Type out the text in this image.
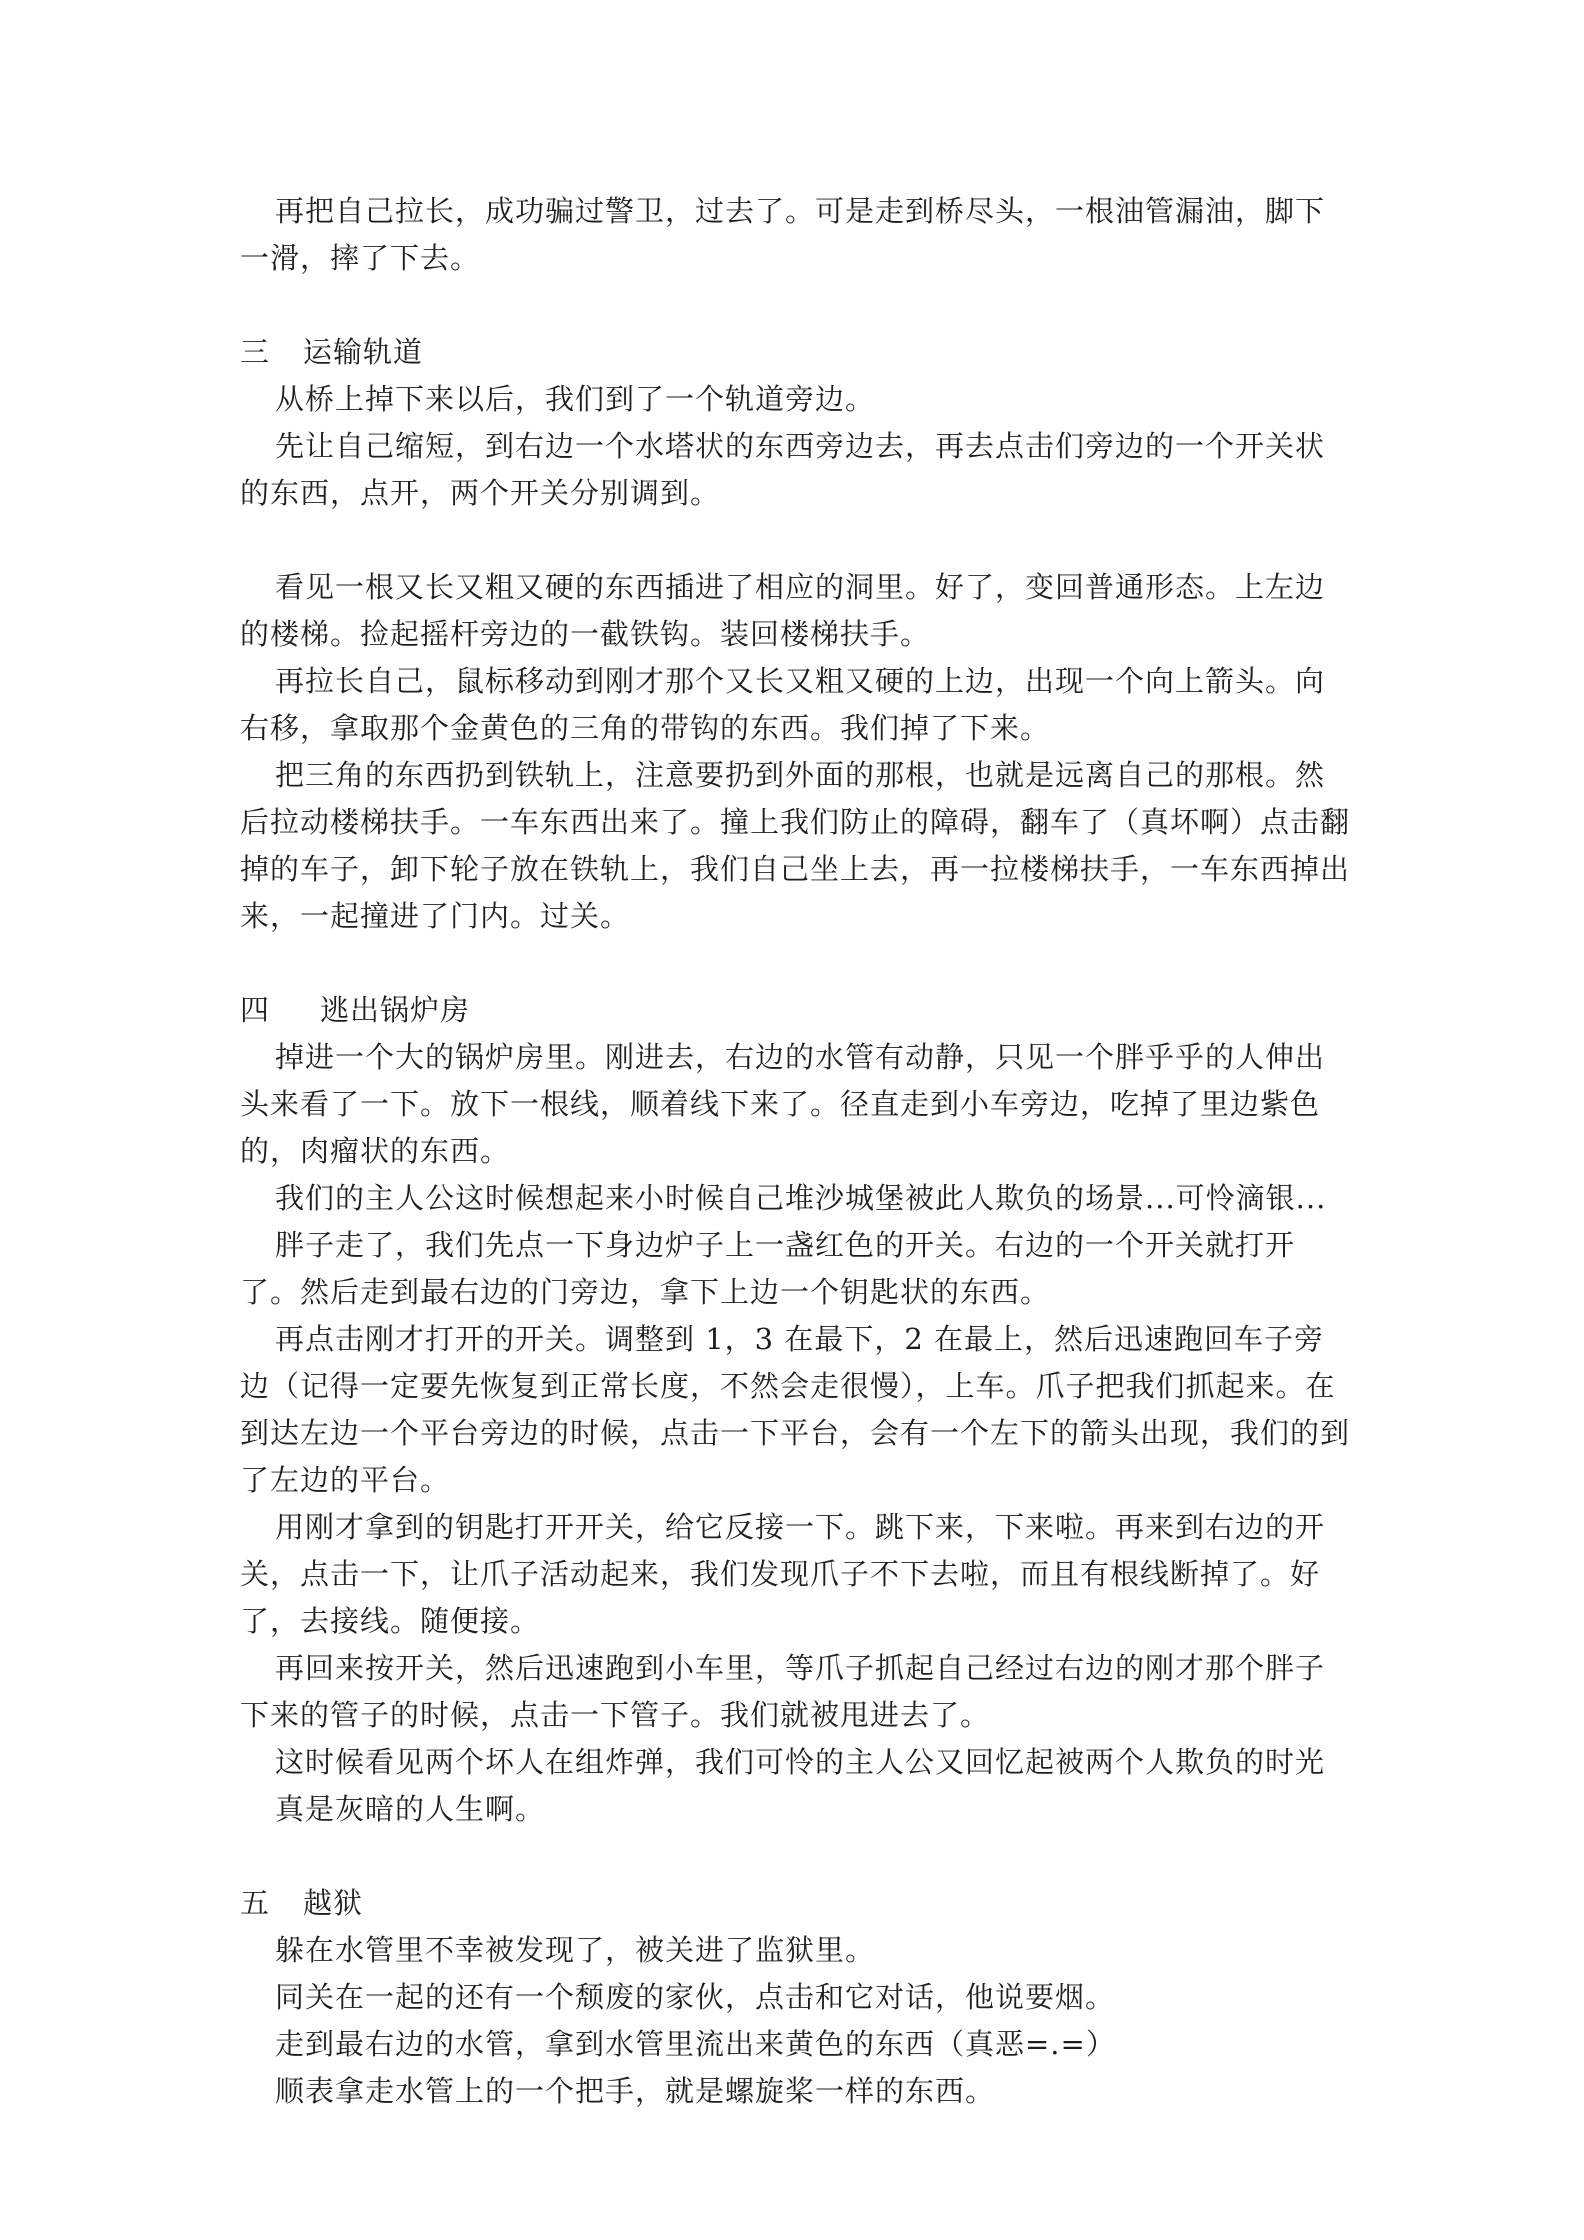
再把自己拉长，成功骗过警卫，过去了。可是走到桥尽头，一根油管漏油，脚下一滑，摔了下去。

三	运输轨道

从桥上掉下来以后，我们到了一个轨道旁边。

先让自己缩短，到右边一个水塔状的东西旁边去，再去点击们旁边的一个开关状的东西，点开，两个开关分别调到。

看见一根又长又粗又硬的东西插进了相应的洞里。好了，变回普通形态。上左边的楼梯。捡起摇杆旁边的一截铁钩。装回楼梯扶手。

再拉长自己，鼠标移动到刚才那个又长又粗又硬的上边，出现一个向上箭头。向右移，拿取那个金黄色的三角的带钩的东西。我们掉了下来。

把三角的东西扔到铁轨上，注意要扔到外面的那根，也就是远离自己的那根。然后拉动楼梯扶手。一车东西出来了。撞上我们防止的障碍，翻车了（真坏啊）点击翻掉的车子，卸下轮子放在铁轨上，我们自己坐上去，再一拉楼梯扶手，一车东西掉出来，一起撞进了门内。过关。

四	逃出锅炉房

掉进一个大的锅炉房里。刚进去，右边的水管有动静，只见一个胖乎乎的人伸出头来看了一下。放下一根线，顺着线下来了。径直走到小车旁边，吃掉了里边紫色的，肉瘤状的东西。

我们的主人公这时候想起来小时候自己堆沙城堡被此人欺负的场景...可怜滴银...

胖子走了，我们先点一下身边炉子上一盏红色的开关。右边的一个开关就打开了。然后走到最右边的门旁边，拿下上边一个钥匙状的东西。

再点击刚才打开的开关。调整到 1，3 在最下，2 在最上，然后迅速跑回车子旁边（记得一定要先恢复到正常长度，不然会走很慢），上车。爪子把我们抓起来。在到达左边一个平台旁边的时候，点击一下平台，会有一个左下的箭头出现，我们的到了左边的平台。

用刚才拿到的钥匙打开开关，给它反接一下。跳下来，下来啦。再来到右边的开关，点击一下，让爪子活动起来，我们发现爪子不下去啦，而且有根线断掉了。好了，去接线。随便接。

再回来按开关，然后迅速跑到小车里，等爪子抓起自己经过右边的刚才那个胖子下来的管子的时候，点击一下管子。我们就被甩进去了。

这时候看见两个坏人在组炸弹，我们可怜的主人公又回忆起被两个人欺负的时光

真是灰暗的人生啊。

五	越狱

躲在水管里不幸被发现了，被关进了监狱里。

同关在一起的还有一个颓废的家伙，点击和它对话，他说要烟。

走到最右边的水管，拿到水管里流出来黄色的东西（真恶=.=）

顺表拿走水管上的一个把手，就是螺旋桨一样的东西。
